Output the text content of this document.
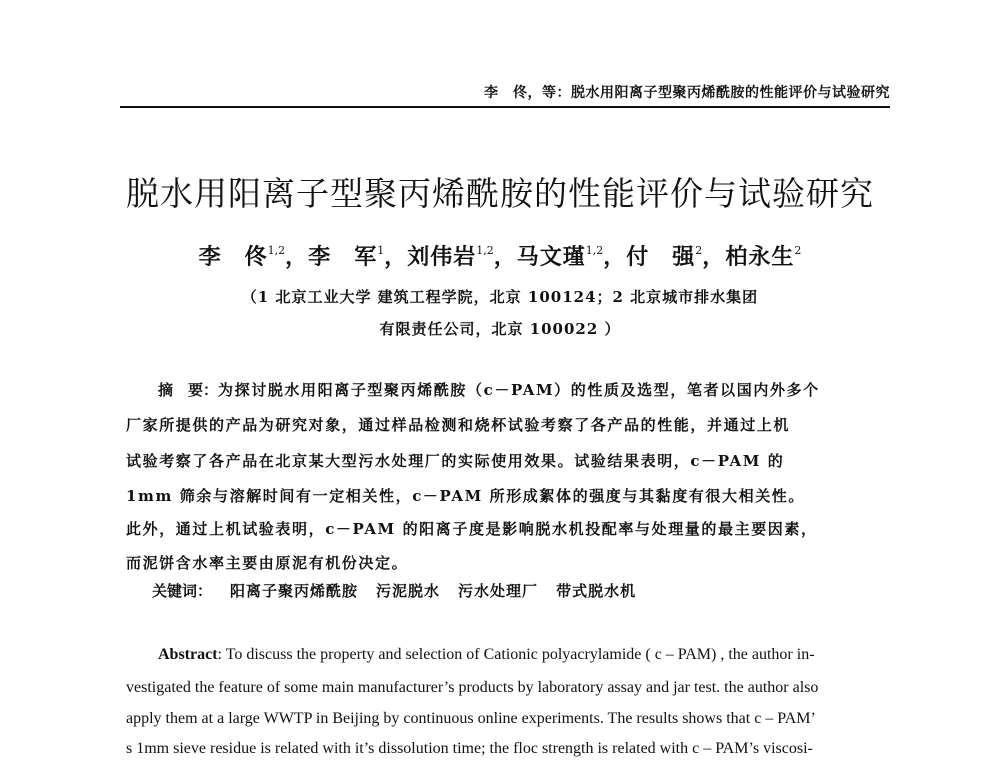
李　佟，等：脱水用阳离子型聚丙烯酰胺的性能评价与试验研究
脱水用阳离子型聚丙烯酰胺的性能评价与试验研究
李　佟$^{1,2}$，李　军$^1$，刘伟岩$^{1,2}$，马文瑾$^{1,2}$，付　强$^2$，柏永生$^2$
（1 北京工业大学 建筑工程学院，北京 100124；2 北京城市排水集团
有限责任公司，北京 100022 ）
摘　要：为探讨脱水用阳离子型聚丙烯酰胺（c－PAM）的性质及选型，笔者以国内外多个
厂家所提供的产品为研究对象，通过样品检测和烧杯试验考察了各产品的性能，并通过上机
试验考察了各产品在北京某大型污水处理厂的实际使用效果。试验结果表明，c－PAM 的
1mm 筛余与溶解时间有一定相关性，c－PAM 所形成絮体的强度与其黏度有很大相关性。
此外，通过上机试验表明，c－PAM 的阳离子度是影响脱水机投配率与处理量的最主要因素，
而泥饼含水率主要由原泥有机份决定。
关键词： 阳离子聚丙烯酰胺 污泥脱水 污水处理厂 带式脱水机
Abstract: To discuss the property and selection of Cationic polyacrylamide ( c – PAM) , the author in-
vestigated the feature of some main manufacturer’s products by laboratory assay and jar test. the author also
apply them at a large WWTP in Beijing by continuous online experiments. The results shows that c – PAM’
s 1mm sieve residue is related with it’s dissolution time; the floc strength is related with c – PAM’s viscosi-
